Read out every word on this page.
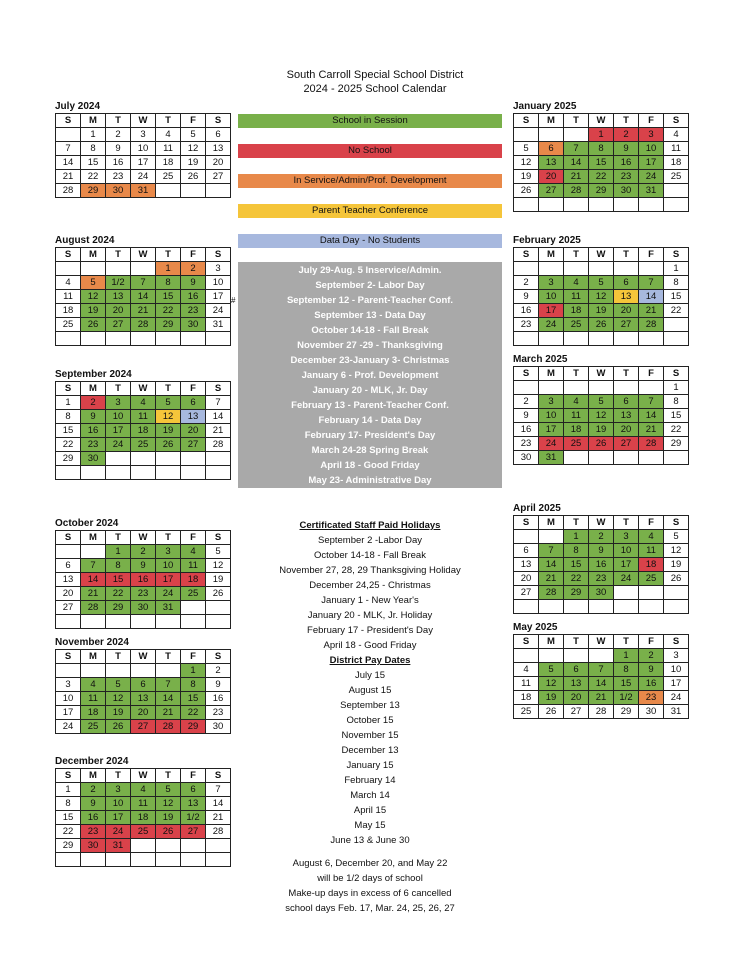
South Carroll Special School District
2024 - 2025 School Calendar
July 2024
S	M	T	W	T	F	S
	1	2	3	4	5	6
7	8	9	10	11	12	13
14	15	16	17	18	19	20
21	22	23	24	25	26	27
28	29	30	31			
August 2024
S	M	T	W	T	F	S
				1	2	3
4	5	1/2	7	8	9	10
11	12	13	14	15	16	17
18	19	20	21	22	23	24
25	26	27	28	29	30	31

September 2024
S	M	T	W	T	F	S
1	2	3	4	5	6	7
8	9	10	11	12	13	14
15	16	17	18	19	20	21
22	23	24	25	26	27	28
29	30					

October 2024
S	M	T	W	T	F	S
		1	2	3	4	5
6	7	8	9	10	11	12
13	14	15	16	17	18	19
20	21	22	23	24	25	26
27	28	29	30	31		

November 2024
S	M	T	W	T	F	S
					1	2
3	4	5	6	7	8	9
10	11	12	13	14	15	16
17	18	19	20	21	22	23
24	25	26	27	28	29	30
December 2024
S	M	T	W	T	F	S
1	2	3	4	5	6	7
8	9	10	11	12	13	14
15	16	17	18	19	1/2	21
22	23	24	25	26	27	28
29	30	31				

January 2025
S	M	T	W	T	F	S
			1	2	3	4
5	6	7	8	9	10	11
12	13	14	15	16	17	18
19	20	21	22	23	24	25
26	27	28	29	30	31	

February 2025
S	M	T	W	T	F	S
						1
2	3	4	5	6	7	8
9	10	11	12	13	14	15
16	17	18	19	20	21	22
23	24	25	26	27	28	

March 2025
S	M	T	W	T	F	S
						1
2	3	4	5	6	7	8
9	10	11	12	13	14	15
16	17	18	19	20	21	22
23	24	25	26	27	28	29
30	31					
April 2025
S	M	T	W	T	F	S
		1	2	3	4	5
6	7	8	9	10	11	12
13	14	15	16	17	18	19
20	21	22	23	24	25	26
27	28	29	30			

May 2025
S	M	T	W	T	F	S
				1	2	3
4	5	6	7	8	9	10
11	12	13	14	15	16	17
18	19	20	21	1/2	23	24
25	26	27	28	29	30	31
#
School in Session
No School
In Service/Admin/Prof. Development
Parent Teacher Conference
Data Day - No Students
July 29-Aug. 5 Inservice/Admin.
September 2- Labor Day
September 12 - Parent-Teacher Conf.
September 13 - Data Day
October 14-18 - Fall Break
November 27 -29 - Thanksgiving
December 23-January 3- Christmas
January 6 - Prof. Development
January 20 - MLK, Jr. Day
February 13 - Parent-Teacher Conf.
February 14 - Data Day
February 17- President's Day
March 24-28 Spring Break
April 18 - Good Friday
May 23- Administrative Day
Certificated Staff Paid Holidays
September 2 -Labor Day
October 14-18 - Fall Break
November 27, 28, 29 Thanksgiving Holiday
December 24,25 - Christmas
January 1 - New Year's
January 20 - MLK, Jr. Holiday
February 17 - President's Day
April 18 - Good Friday
District Pay Dates
July 15
August 15
September 13
October 15
November 15
December 13
January 15
February 14
March 14
April 15
May 15
June 13 & June 30
August 6, December 20, and May 22
will be 1/2 days of school
Make-up days in excess of 6 cancelled
school days Feb. 17, Mar. 24, 25, 26, 27
